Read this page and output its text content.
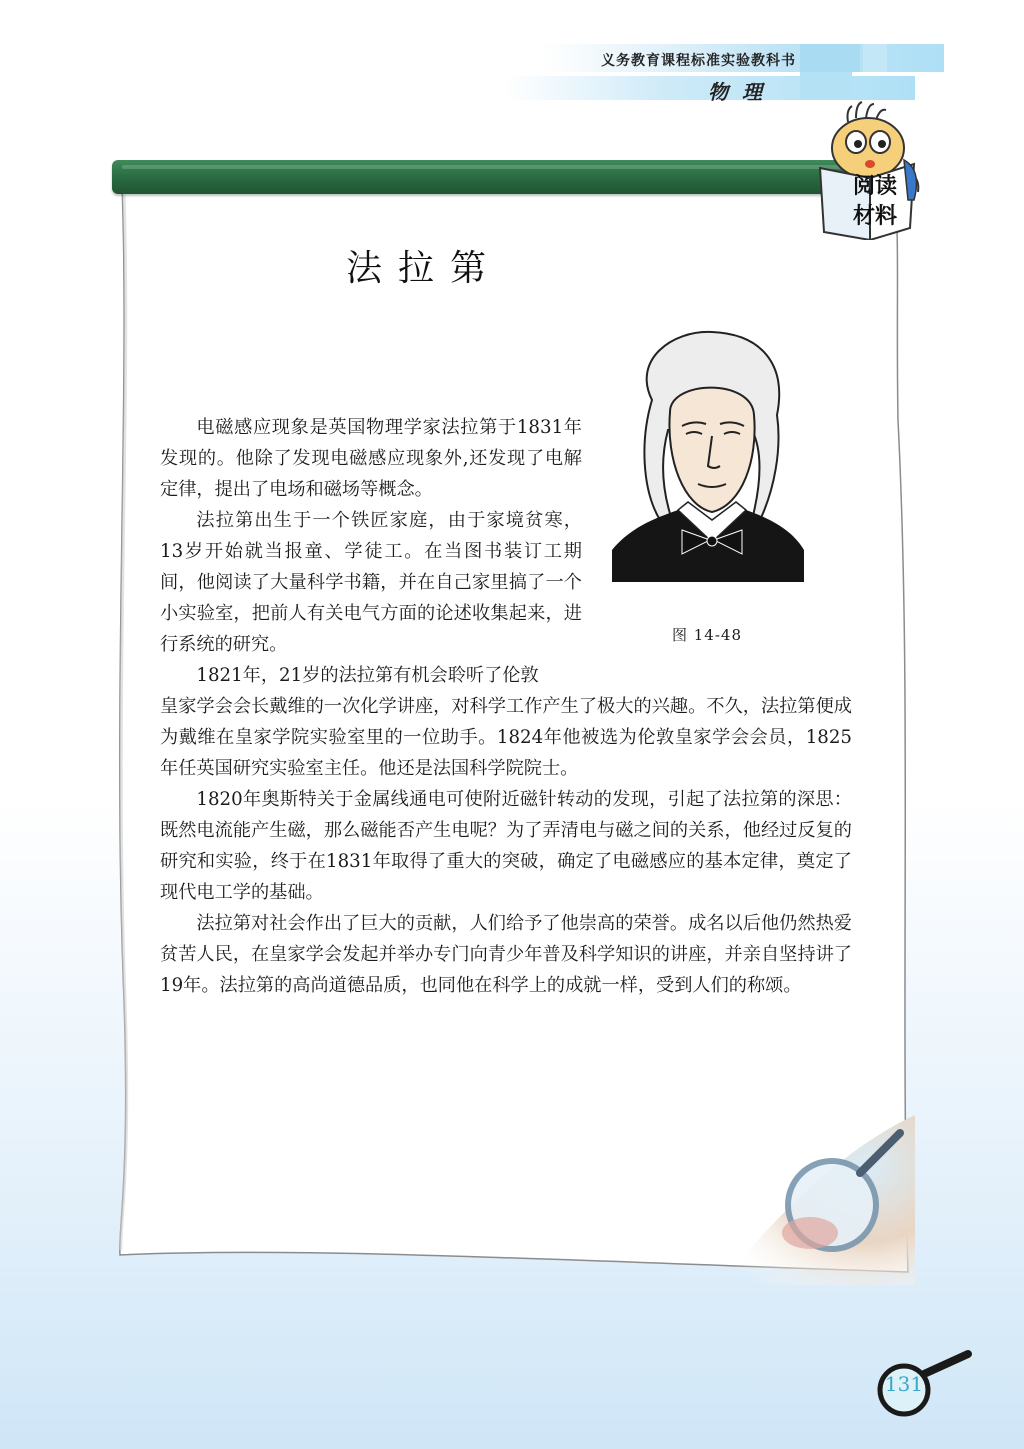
义务教育课程标准实验教科书
物理
阅读
材料
法拉第
图 14-48

电磁感应现象是英国物理学家法拉第于1831年发现的。他除了发现电磁感应现象外,还发现了电解定律，提出了电场和磁场等概念。

法拉第出生于一个铁匠家庭，由于家境贫寒，13岁开始就当报童、学徒工。在当图书装订工期间，他阅读了大量科学书籍，并在自己家里搞了一个小实验室，把前人有关电气方面的论述收集起来，进行系统的研究。

1821年，21岁的法拉第有机会聆听了伦敦

皇家学会会长戴维的一次化学讲座，对科学工作产生了极大的兴趣。不久，法拉第便成为戴维在皇家学院实验室里的一位助手。1824年他被选为伦敦皇家学会会员，1825年任英国研究实验室主任。他还是法国科学院院士。

1820年奥斯特关于金属线通电可使附近磁针转动的发现，引起了法拉第的深思：既然电流能产生磁，那么磁能否产生电呢？为了弄清电与磁之间的关系，他经过反复的研究和实验，终于在1831年取得了重大的突破，确定了电磁感应的基本定律，奠定了现代电工学的基础。

法拉第对社会作出了巨大的贡献，人们给予了他崇高的荣誉。成名以后他仍然热爱贫苦人民，在皇家学会发起并举办专门向青少年普及科学知识的讲座，并亲自坚持讲了19年。法拉第的高尚道德品质，也同他在科学上的成就一样，受到人们的称颂。

131
